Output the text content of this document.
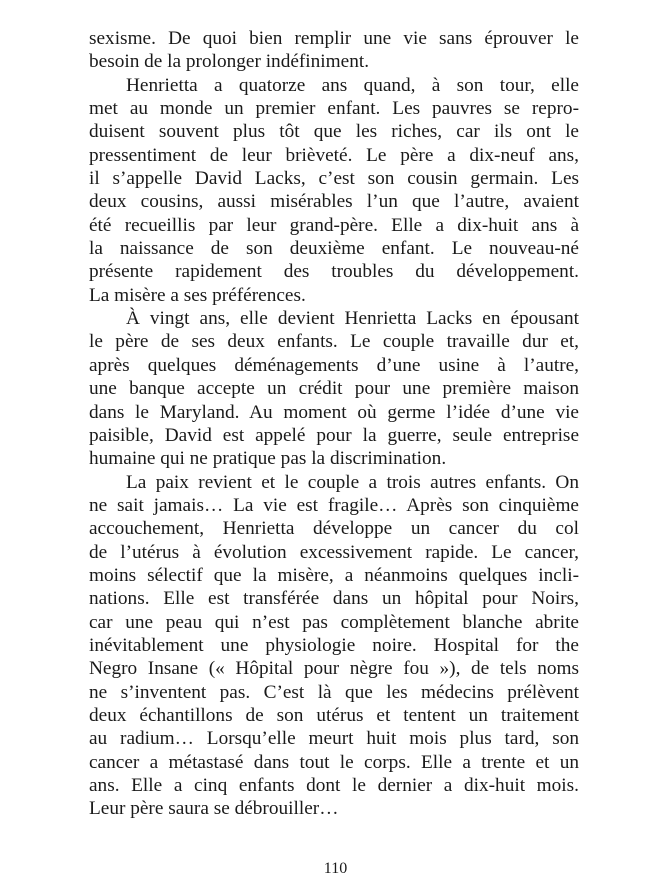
sexisme. De quoi bien remplir une vie sans éprouver le
besoin de la prolonger indéfiniment.
Henrietta a quatorze ans quand, à son tour, elle
met au monde un premier enfant. Les pauvres se repro-
duisent souvent plus tôt que les riches, car ils ont le
pressentiment de leur brièveté. Le père a dix-neuf ans,
il s’appelle David Lacks, c’est son cousin germain. Les
deux cousins, aussi misérables l’un que l’autre, avaient
été recueillis par leur grand-père. Elle a dix-huit ans à
la naissance de son deuxième enfant. Le nouveau-né
présente rapidement des troubles du développement.
La misère a ses préférences.
À vingt ans, elle devient Henrietta Lacks en épousant
le père de ses deux enfants. Le couple travaille dur et,
après quelques déménagements d’une usine à l’autre,
une banque accepte un crédit pour une première maison
dans le Maryland. Au moment où germe l’idée d’une vie
paisible, David est appelé pour la guerre, seule entreprise
humaine qui ne pratique pas la discrimination.
La paix revient et le couple a trois autres enfants. On
ne sait jamais… La vie est fragile… Après son cinquième
accouchement, Henrietta développe un cancer du col
de l’utérus à évolution excessivement rapide. Le cancer,
moins sélectif que la misère, a néanmoins quelques incli-
nations. Elle est transférée dans un hôpital pour Noirs,
car une peau qui n’est pas complètement blanche abrite
inévitablement une physiologie noire. Hospital for the
Negro Insane (« Hôpital pour nègre fou »), de tels noms
ne s’inventent pas. C’est là que les médecins prélèvent
deux échantillons de son utérus et tentent un traitement
au radium… Lorsqu’elle meurt huit mois plus tard, son
cancer a métastasé dans tout le corps. Elle a trente et un
ans. Elle a cinq enfants dont le dernier a dix-huit mois.
Leur père saura se débrouiller…
110
